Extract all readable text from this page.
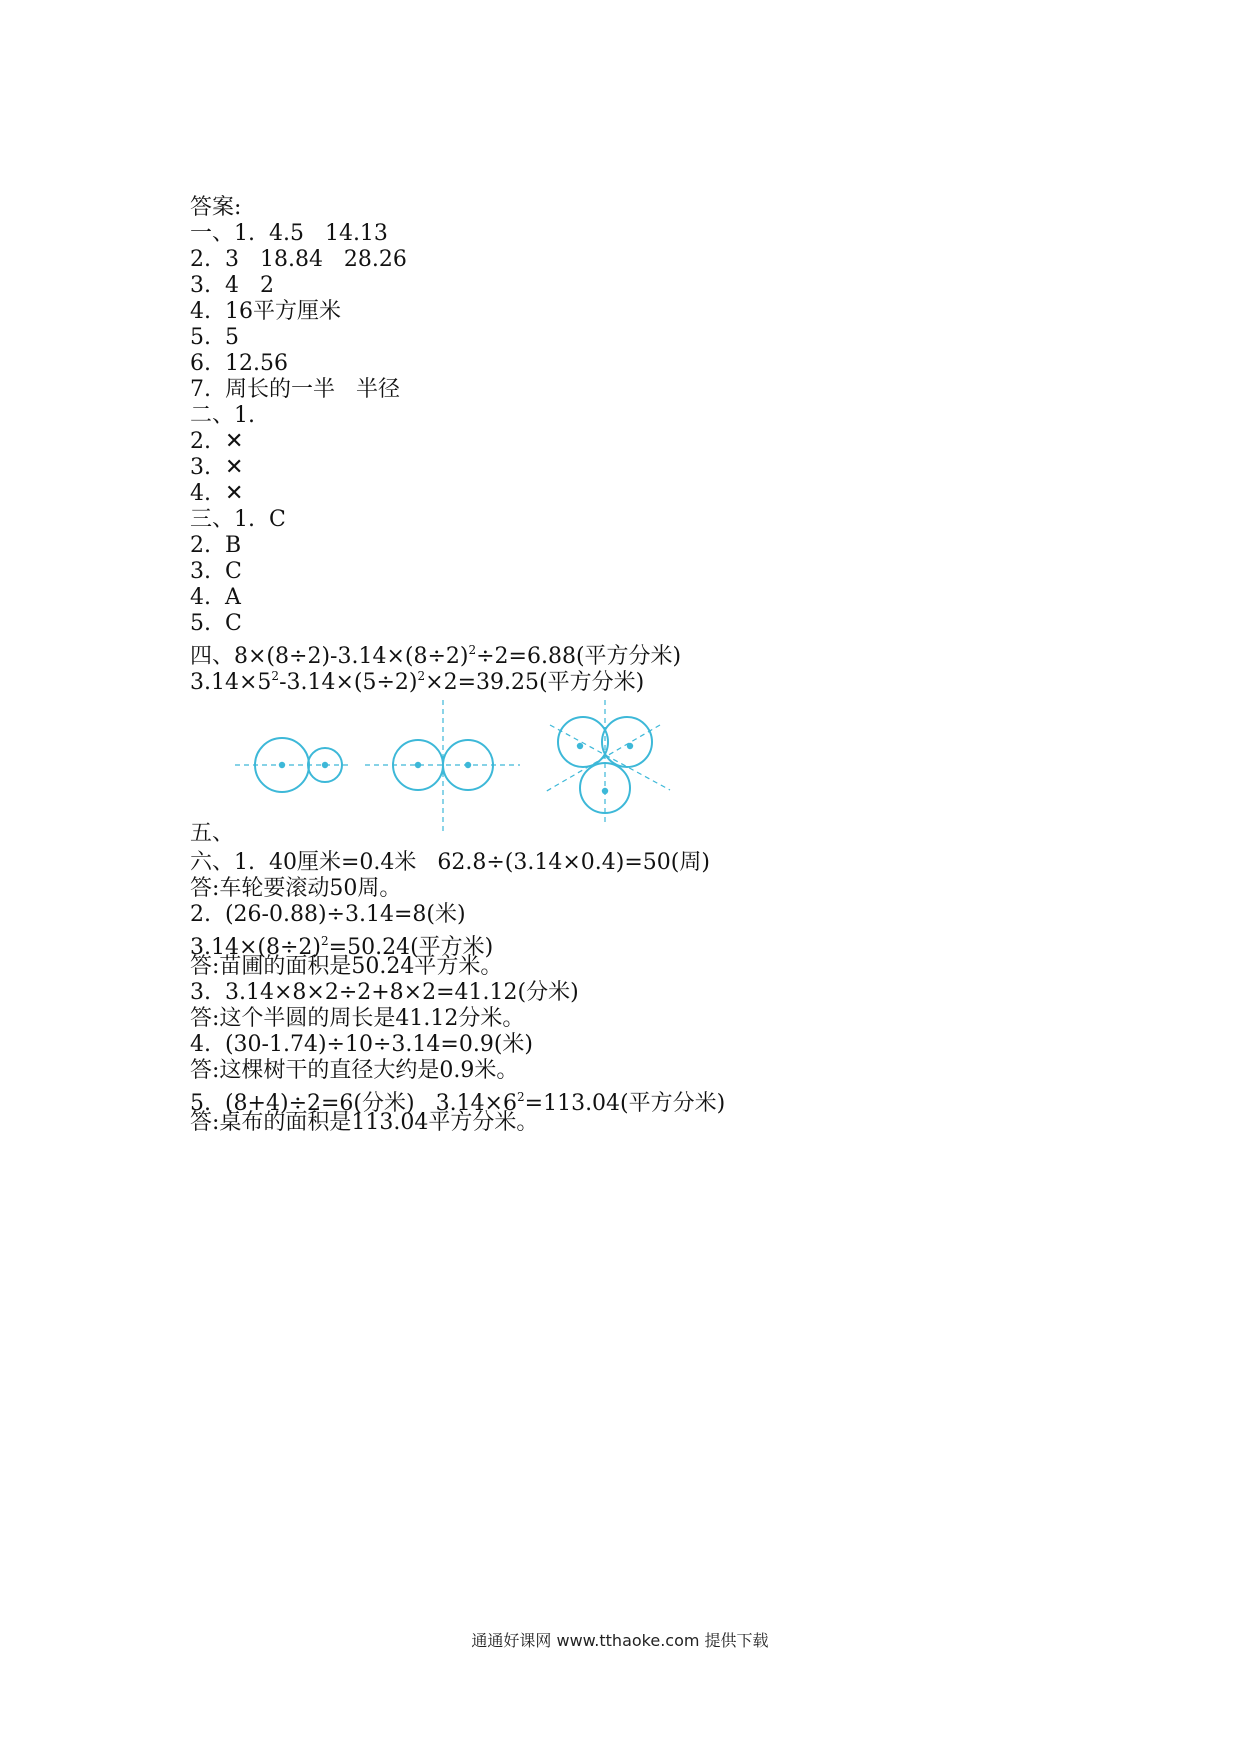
答案:
一、1.  4.5   14.13
2.  3   18.84   28.26
3.  4   2
4.  16平方厘米
5.  5
6.  12.56
7.  周长的一半   半径
二、1.
2.  ✕
3.  ✕
4.  ✕
三、1.  C
2.  B
3.  C
4.  A
5.  C
四、$8\times(8\div 2)-3.14\times(8\div 2)^2\div 2=6.88$(平方分米)
$3.14\times 5^2-3.14\times(5\div 2)^2\times 2=39.25$(平方分米)
五、
六、1.  40厘米=0.4米   62.8÷(3.14×0.4)=50(周)
答:车轮要滚动50周。
2.  (26-0.88)÷3.14=8(米)
$3.14\times(8\div 2)^2=50.24$(平方米)
答:苗圃的面积是50.24平方米。
3.  3.14×8×2÷2+8×2=41.12(分米)
答:这个半圆的周长是41.12分米。
4.  (30-1.74)÷10÷3.14=0.9(米)
答:这棵树干的直径大约是0.9米。
5.  (8+4)÷2=6(分米)   $3.14\times 6^2=113.04$(平方分米)
答:桌布的面积是113.04平方分米。
通通好课网 www.tthaoke.com 提供下载
